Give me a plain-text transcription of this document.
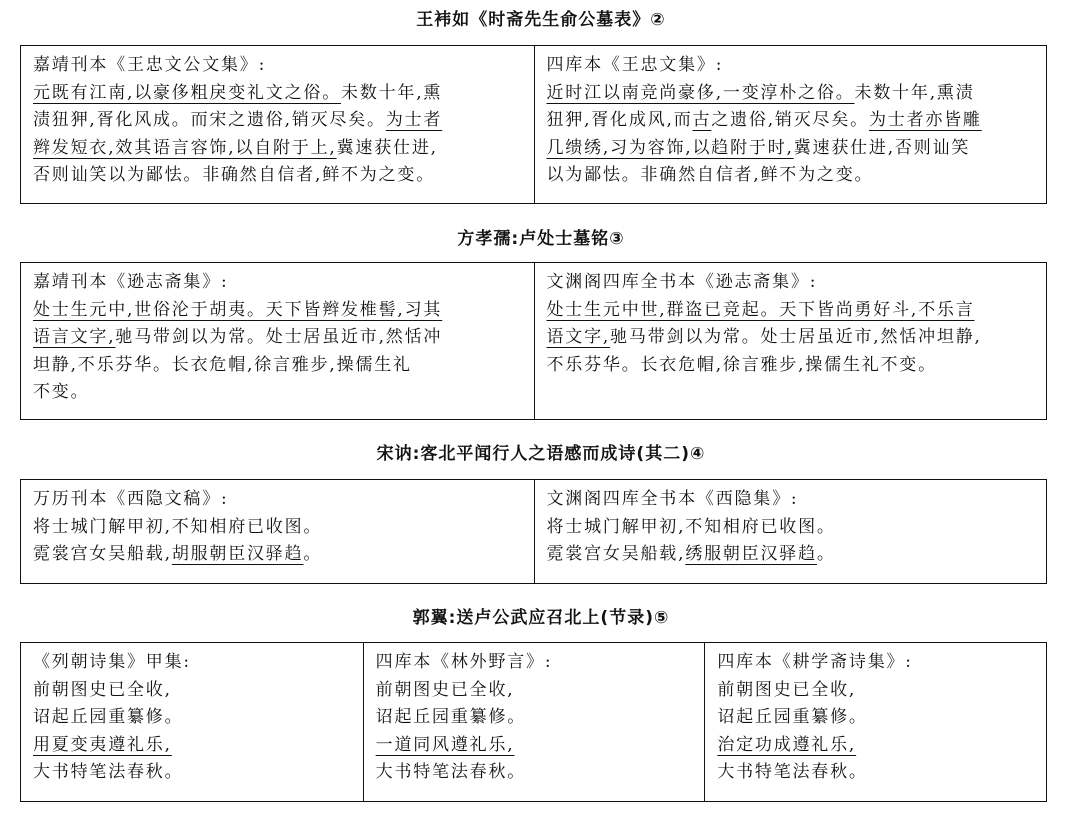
王袆如《时斋先生俞公墓表》②
嘉靖刊本《王忠文公文集》:
元既有江南,以豪侈粗戾变礼文之俗。未数十年,熏
渍狃狎,胥化风成。而宋之遗俗,销灭尽矣。为士者
辫发短衣,效其语言容饰,以自附于上,冀速获仕进,
否则讪笑以为鄙怯。非确然自信者,鲜不为之变。
四库本《王忠文集》:
近时江以南竞尚豪侈,一变淳朴之俗。未数十年,熏渍
狃狎,胥化成风,而古之遗俗,销灭尽矣。为士者亦皆雕
几缋绣,习为容饰,以趋附于时,冀速获仕进,否则讪笑
以为鄙怯。非确然自信者,鲜不为之变。
方孝孺:卢处士墓铭③
嘉靖刊本《逊志斋集》:
处士生元中,世俗沦于胡夷。天下皆辫发椎髻,习其
语言文字,驰马带剑以为常。处士居虽近市,然恬冲
坦静,不乐芬华。长衣危帽,徐言雅步,操儒生礼
不变。
文渊阁四库全书本《逊志斋集》:
处士生元中世,群盗已竞起。天下皆尚勇好斗,不乐言
语文字,驰马带剑以为常。处士居虽近市,然恬冲坦静,
不乐芬华。长衣危帽,徐言雅步,操儒生礼不变。
宋讷:客北平闻行人之语感而成诗(其二)④
万历刊本《西隐文稿》:
将士城门解甲初,不知相府已收图。
霓裳宫女吴船载,胡服朝臣汉驿趋。
文渊阁四库全书本《西隐集》:
将士城门解甲初,不知相府已收图。
霓裳宫女吴船载,绣服朝臣汉驿趋。
郭翼:送卢公武应召北上(节录)⑤
《列朝诗集》甲集:
前朝图史已全收,
诏起丘园重纂修。
用夏变夷遵礼乐,
大书特笔法春秋。
四库本《林外野言》:
前朝图史已全收,
诏起丘园重纂修。
一道同风遵礼乐,
大书特笔法春秋。
四库本《耕学斋诗集》:
前朝图史已全收,
诏起丘园重纂修。
治定功成遵礼乐,
大书特笔法春秋。
